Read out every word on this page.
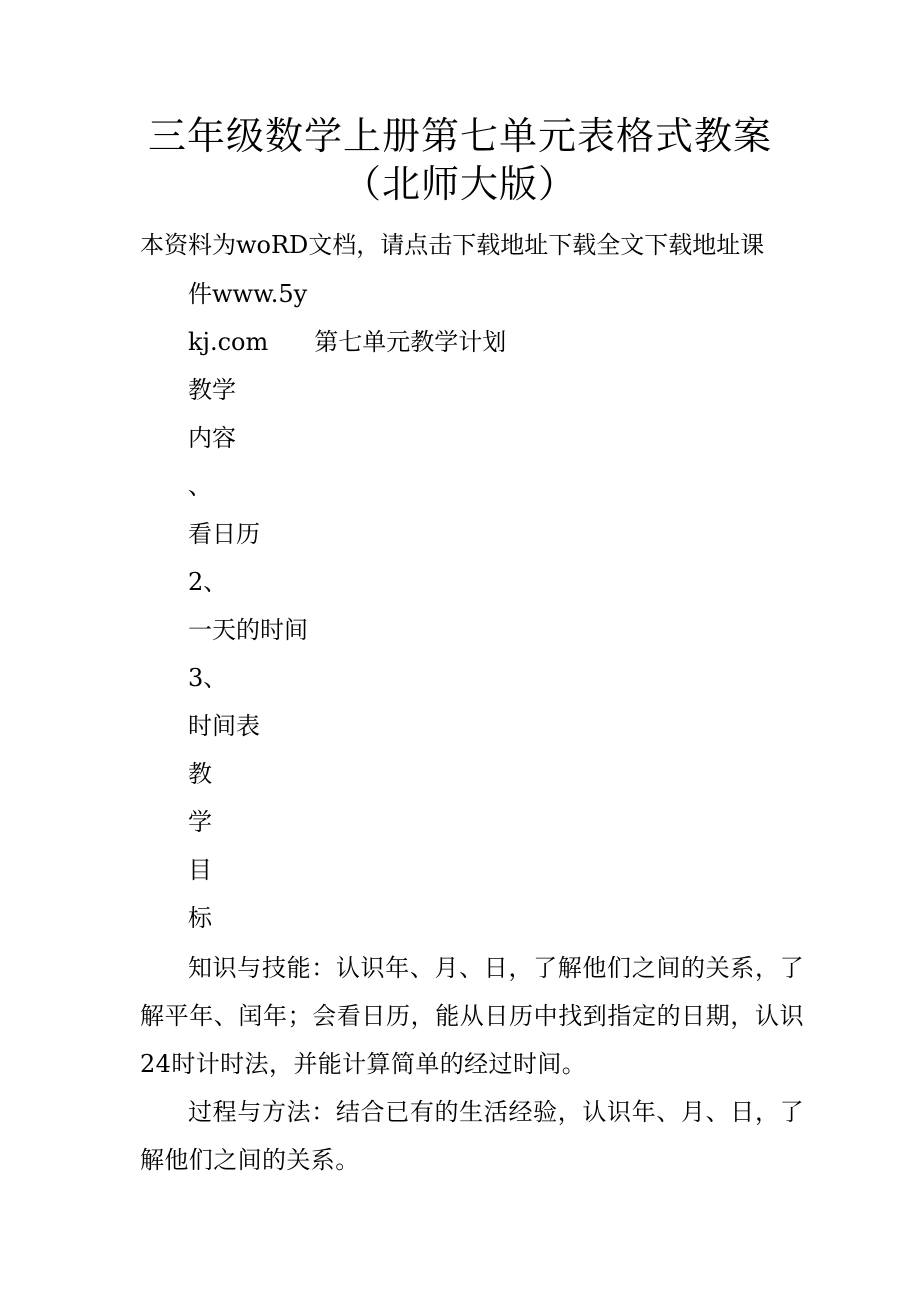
三年级数学上册第七单元表格式教案
（北师大版）
本资料为woRD文档，请点击下载地址下载全文下载地址课
件www.5y
kj.com 第七单元教学计划
教学
内容
、
看日历
2、
一天的时间
3、
时间表
教
学
目
标
知识与技能：认识年、月、日，了解他们之间的关系，了解平年、闰年；会看日历，能从日历中找到指定的日期，认识24时计时法，并能计算简单的经过时间。
过程与方法：结合已有的生活经验，认识年、月、日，了解他们之间的关系。
